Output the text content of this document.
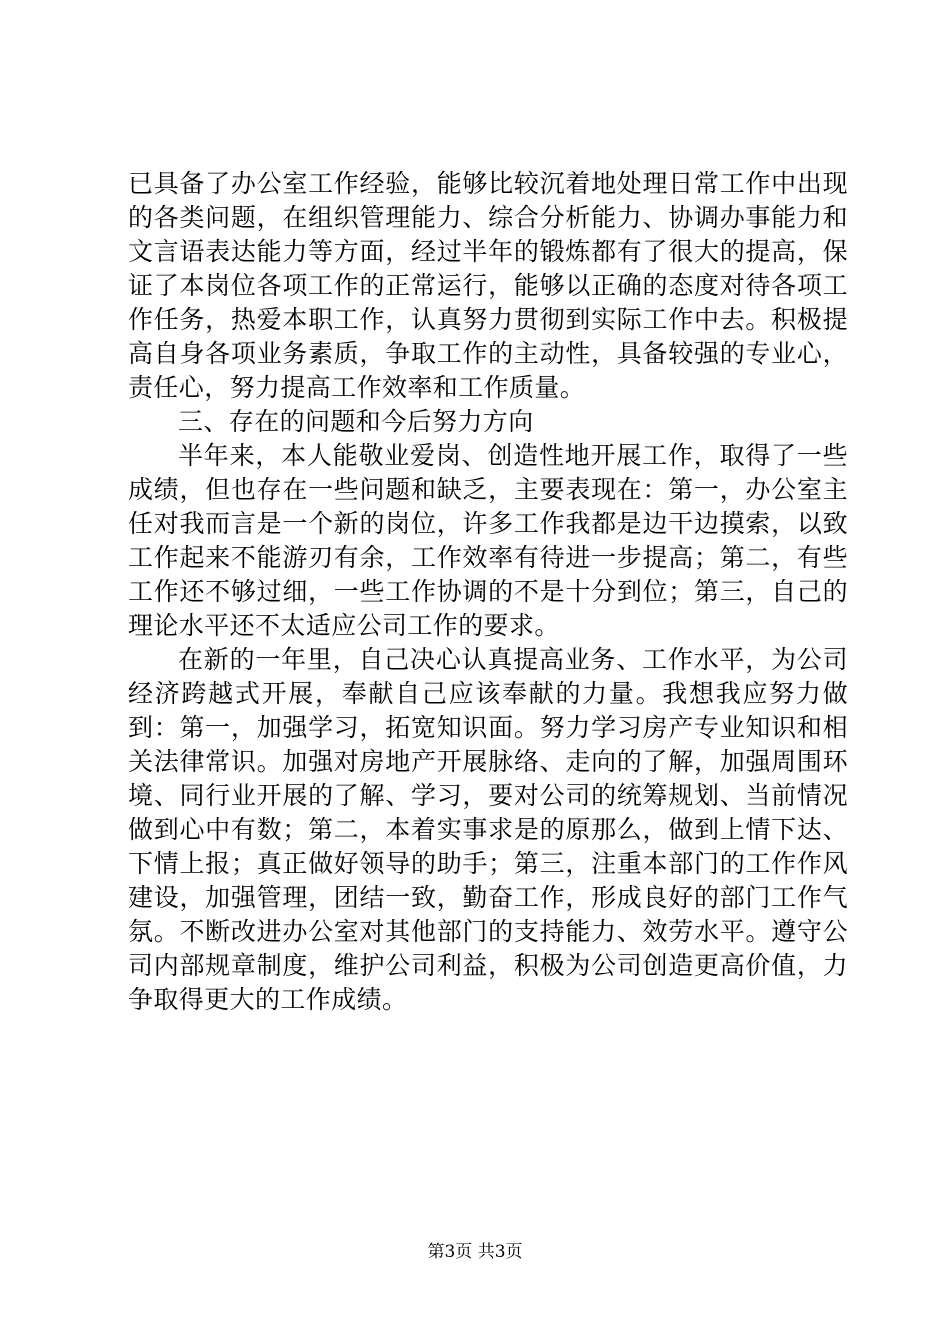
已具备了办公室工作经验，能够比较沉着地处理日常工作中出现的各类问题，在组织管理能力、综合分析能力、协调办事能力和文言语表达能力等方面，经过半年的锻炼都有了很大的提高，保证了本岗位各项工作的正常运行，能够以正确的态度对待各项工作任务，热爱本职工作，认真努力贯彻到实际工作中去。积极提高自身各项业务素质，争取工作的主动性，具备较强的专业心，责任心，努力提高工作效率和工作质量。

三、存在的问题和今后努力方向

半年来，本人能敬业爱岗、创造性地开展工作，取得了一些成绩，但也存在一些问题和缺乏，主要表现在：第一，办公室主任对我而言是一个新的岗位，许多工作我都是边干边摸索，以致工作起来不能游刃有余，工作效率有待进一步提高；第二，有些工作还不够过细，一些工作协调的不是十分到位；第三，自己的理论水平还不太适应公司工作的要求。

在新的一年里，自己决心认真提高业务、工作水平，为公司经济跨越式开展，奉献自己应该奉献的力量。我想我应努力做到：第一，加强学习，拓宽知识面。努力学习房产专业知识和相关法律常识。加强对房地产开展脉络、走向的了解，加强周围环境、同行业开展的了解、学习，要对公司的统筹规划、当前情况做到心中有数；第二，本着实事求是的原那么，做到上情下达、下情上报；真正做好领导的助手；第三，注重本部门的工作作风建设，加强管理，团结一致，勤奋工作，形成良好的部门工作气氛。不断改进办公室对其他部门的支持能力、效劳水平。遵守公司内部规章制度，维护公司利益，积极为公司创造更高价值，力争取得更大的工作成绩。

第3页 共3页
